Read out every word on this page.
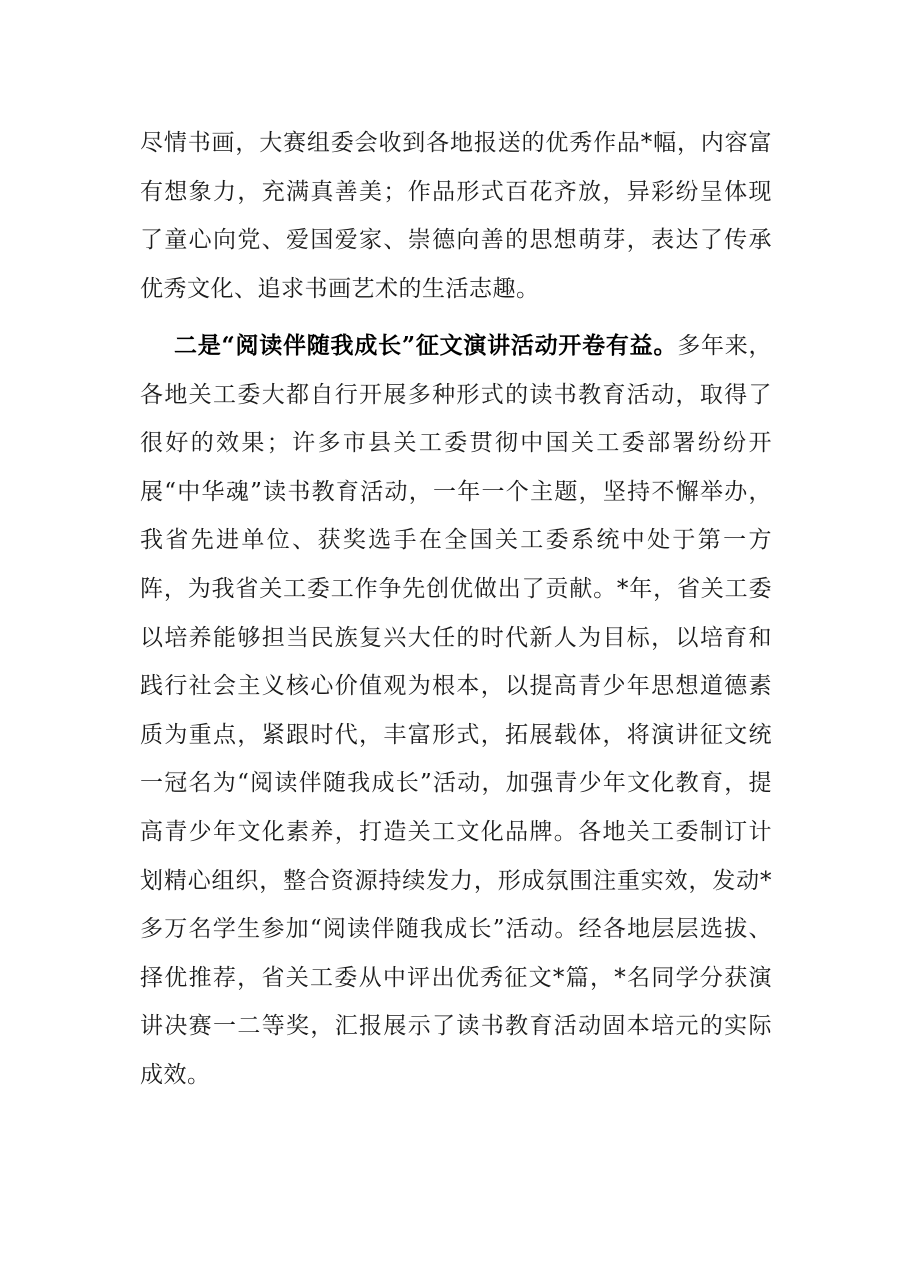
尽情书画，大赛组委会收到各地报送的优秀作品*幅，内容富有想象力，充满真善美；作品形式百花齐放，异彩纷呈体现了童心向党、爱国爱家、崇德向善的思想萌芽，表达了传承优秀文化、追求书画艺术的生活志趣。

二是“阅读伴随我成长”征文演讲活动开卷有益。多年来，各地关工委大都自行开展多种形式的读书教育活动，取得了很好的效果；许多市县关工委贯彻中国关工委部署纷纷开展“中华魂”读书教育活动，一年一个主题，坚持不懈举办，我省先进单位、获奖选手在全国关工委系统中处于第一方阵，为我省关工委工作争先创优做出了贡献。*年，省关工委以培养能够担当民族复兴大任的时代新人为目标，以培育和践行社会主义核心价值观为根本，以提高青少年思想道德素质为重点，紧跟时代，丰富形式，拓展载体，将演讲征文统一冠名为“阅读伴随我成长”活动，加强青少年文化教育，提高青少年文化素养，打造关工文化品牌。各地关工委制订计划精心组织，整合资源持续发力，形成氛围注重实效，发动*多万名学生参加“阅读伴随我成长”活动。经各地层层选拔、择优推荐，省关工委从中评出优秀征文*篇，*名同学分获演讲决赛一二等奖，汇报展示了读书教育活动固本培元的实际成效。
